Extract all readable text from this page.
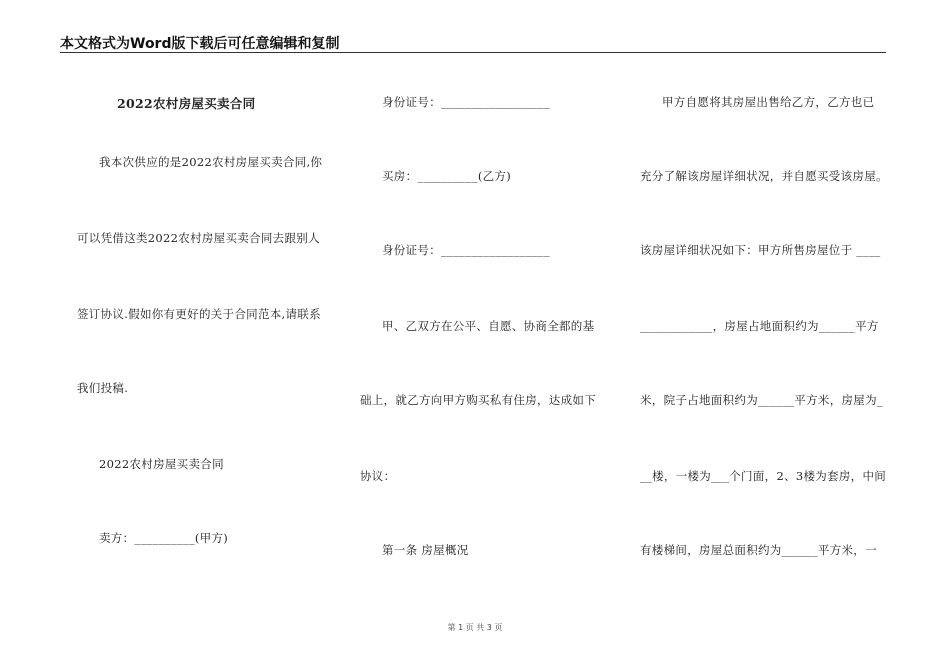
本文格式为Word版下载后可任意编辑和复制
2022农村房屋买卖合同
我本次供应的是2022农村房屋买卖合同,你
可以凭借这类2022农村房屋买卖合同去跟别人
签订协议.假如你有更好的关于合同范本,请联系
我们投稿.
2022农村房屋买卖合同
卖方：__________(甲方)
身份证号：__________________
买房：__________(乙方)
身份证号：__________________
甲、乙双方在公平、自愿、协商全都的基
础上，就乙方向甲方购买私有住房，达成如下
协议：
第一条 房屋概况
甲方自愿将其房屋出售给乙方，乙方也已
充分了解该房屋详细状况，并自愿买受该房屋。
该房屋详细状况如下：甲方所售房屋位于 ____
____________，房屋占地面积约为______平方
米，院子占地面积约为______平方米，房屋为_
__楼，一楼为___个门面，2、3楼为套房，中间
有楼梯间，房屋总面积约为______平方米，一
第 1 页 共 3 页
